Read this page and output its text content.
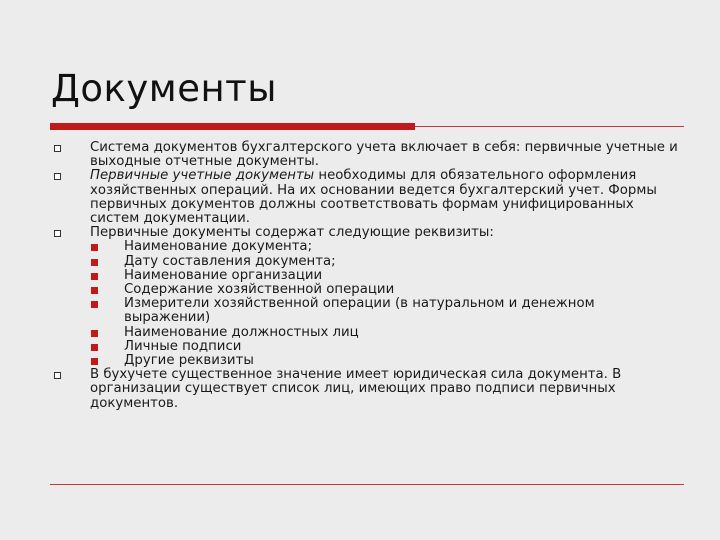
Документы
Система документов бухгалтерского учета включает в себя: первичные учетные и выходные отчетные документы.
Первичные учетные документы необходимы для обязательного оформления хозяйственных операций. На их основании ведется бухгалтерский учет. Формы первичных документов должны соответствовать формам унифицированных систем документации.
Первичные документы содержат следующие реквизиты:
Наименование документа;
Дату составления документа;
Наименование организации
Содержание хозяйственной операции
Измерители хозяйственной операции (в натуральном и денежном выражении)
Наименование должностных лиц
Личные подписи
Другие реквизиты
В бухучете существенное значение имеет юридическая сила документа. В организации существует список лиц, имеющих право подписи первичных документов.
